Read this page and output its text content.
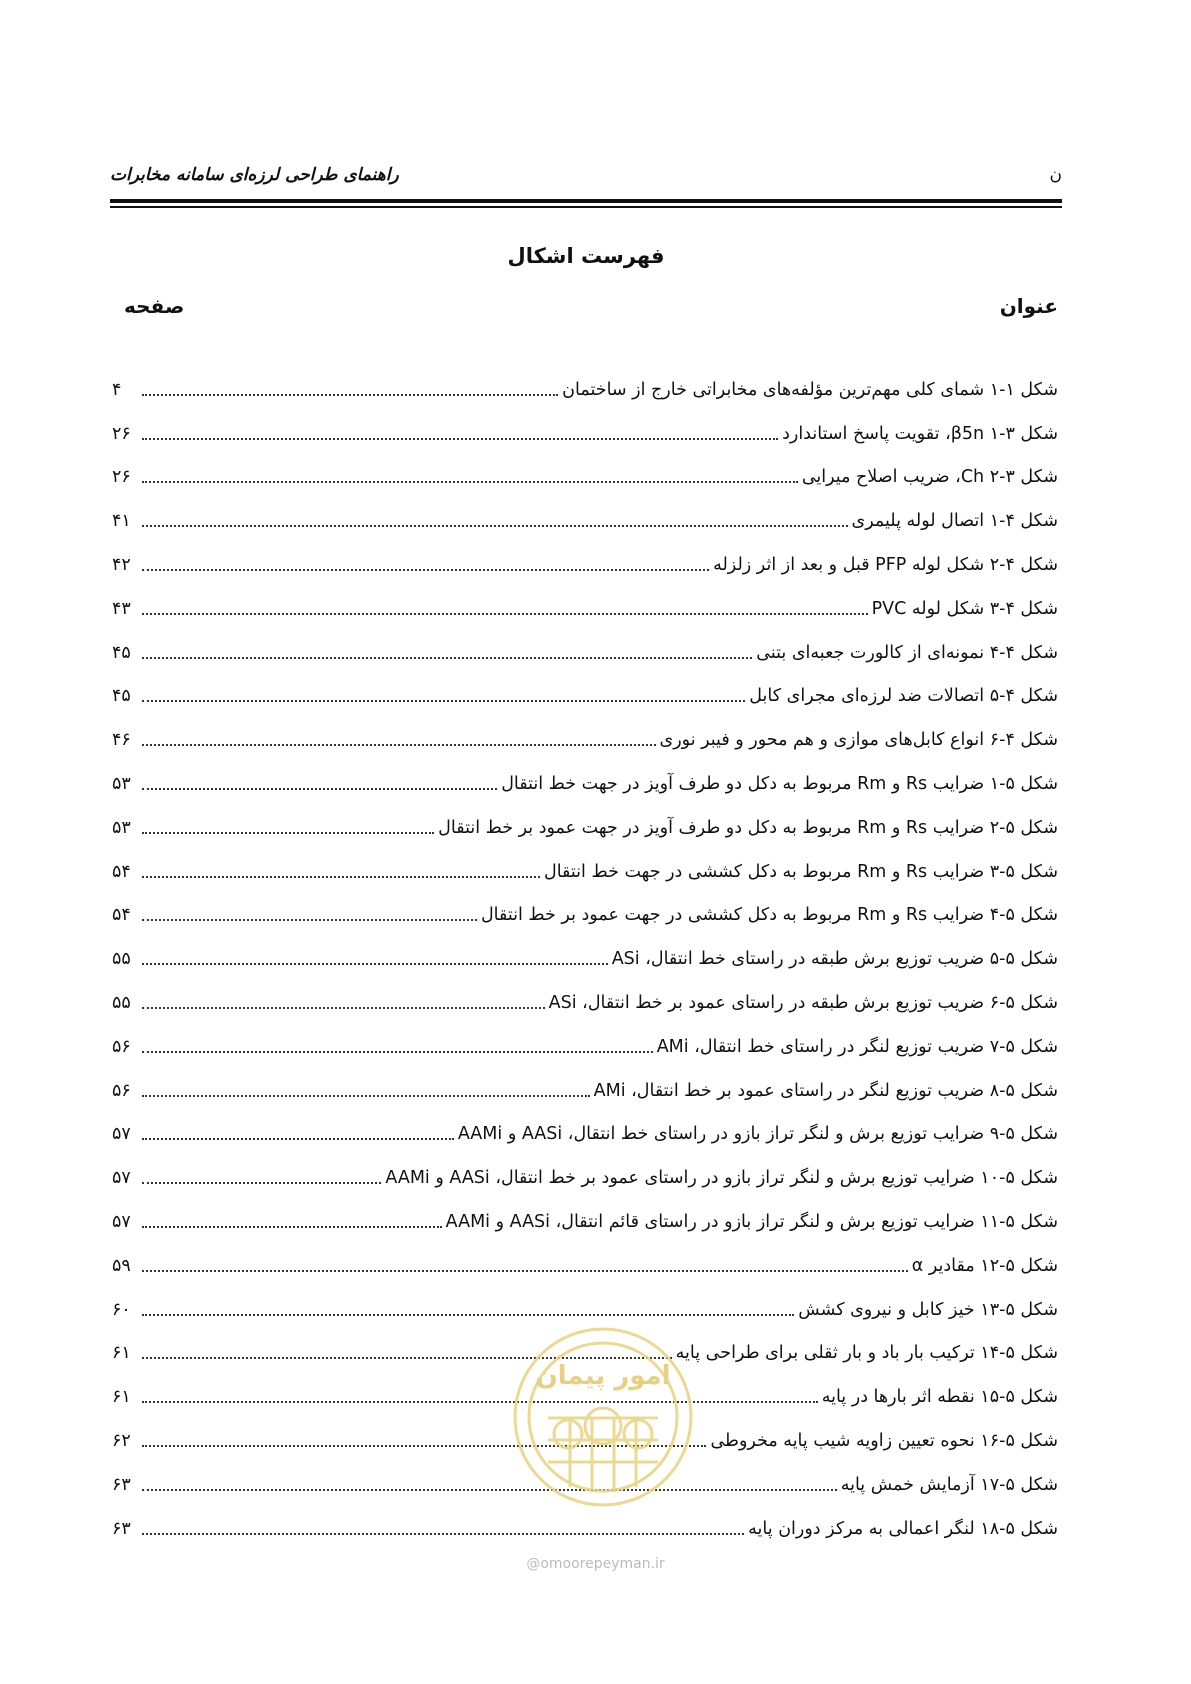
ن
راهنمای طراحی لرزه‌ای سامانه مخابرات
فهرست اشکال
عنوان
صفحه
شکل ۱-۱ شمای کلی مهم‌ترین مؤلفه‌های مخابراتی خارج از ساختمان
۴
شکل ۳-۱ β5n، تقویت پاسخ استاندارد
۲۶
شکل ۳-۲ Ch، ضریب اصلاح میرایی
۲۶
شکل ۴-۱ اتصال لوله پلیمری
۴۱
شکل ۴-۲ شکل لوله PFP قبل و بعد از اثر زلزله
۴۲
شکل ۴-۳ شکل لوله PVC
۴۳
شکل ۴-۴ نمونه‌ای از کالورت جعبه‌ای بتنی
۴۵
شکل ۴-۵ اتصالات ضد لرزه‌ای مجرای کابل
۴۵
شکل ۴-۶ انواع کابل‌های موازی و هم محور و فیبر نوری
۴۶
شکل ۵-۱ ضرایب Rs و Rm مربوط به دکل دو طرف آویز در جهت خط انتقال
۵۳
شکل ۵-۲ ضرایب Rs و Rm مربوط به دکل دو طرف آویز در جهت عمود بر خط انتقال
۵۳
شکل ۵-۳ ضرایب Rs و Rm مربوط به دکل کششی در جهت خط انتقال
۵۴
شکل ۵-۴ ضرایب Rs و Rm مربوط به دکل کششی در جهت عمود بر خط انتقال
۵۴
شکل ۵-۵ ضریب توزیع برش طبقه در راستای خط انتقال، ASi
۵۵
شکل ۵-۶ ضریب توزیع برش طبقه در راستای عمود بر خط انتقال، ASi
۵۵
شکل ۵-۷ ضریب توزیع لنگر در راستای خط انتقال، AMi
۵۶
شکل ۵-۸ ضریب توزیع لنگر در راستای عمود بر خط انتقال، AMi
۵۶
شکل ۵-۹ ضرایب توزیع برش و لنگر تراز بازو در راستای خط انتقال، AASi و AAMi
۵۷
شکل ۵-۱۰ ضرایب توزیع برش و لنگر تراز بازو در راستای عمود بر خط انتقال، AASi و AAMi
۵۷
شکل ۵-۱۱ ضرایب توزیع برش و لنگر تراز بازو در راستای قائم انتقال، AASi و AAMi
۵۷
شکل ۵-۱۲ مقادیر α
۵۹
شکل ۵-۱۳ خیز کابل و نیروی کشش
۶۰
شکل ۵-۱۴ ترکیب بار باد و بار ثقلی برای طراحی پایه
۶۱
شکل ۵-۱۵ نقطه اثر بارها در پایه
۶۱
شکل ۵-۱۶ نحوه تعیین زاویه شیب پایه مخروطی
۶۲
شکل ۵-۱۷ آزمایش خمش پایه
۶۳
شکل ۵-۱۸ لنگر اعمالی به مرکز دوران پایه
۶۳
امور پیمان
@omoorepeyman.ir
